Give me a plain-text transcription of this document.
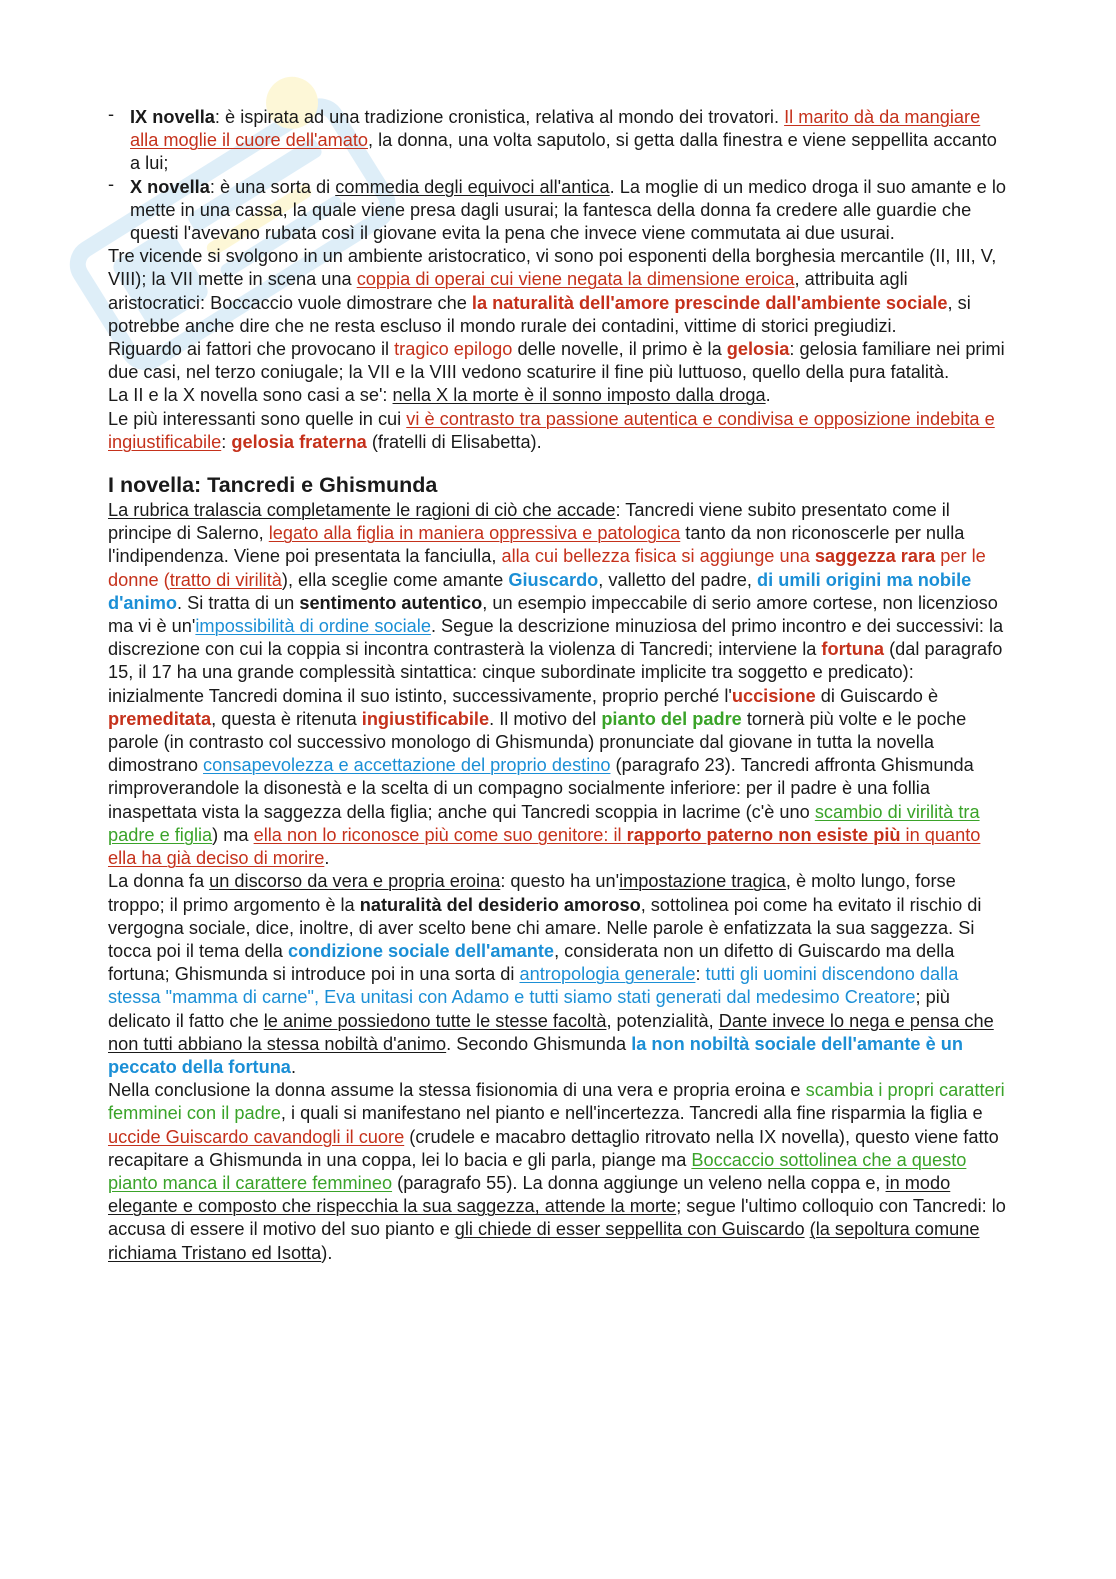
- IX novella: è ispirata ad una tradizione cronistica, relativa al mondo dei trovatori. Il marito dà da mangiare alla moglie il cuore dell'amato, la donna, una volta saputolo, si getta dalla finestra e viene seppellita accanto a lui;
- X novella: è una sorta di commedia degli equivoci all'antica. La moglie di un medico droga il suo amante e lo mette in una cassa, la quale viene presa dagli usurai; la fantesca della donna fa credere alle guardie che questi l'avevano rubata così il giovane evita la pena che invece viene commutata ai due usurai.

Tre vicende si svolgono in un ambiente aristocratico, vi sono poi esponenti della borghesia mercantile (II, III, V, VIII); la VII mette in scena una coppia di operai cui viene negata la dimensione eroica, attribuita agli aristocratici: Boccaccio vuole dimostrare che la naturalità dell'amore prescinde dall'ambiente sociale, si potrebbe anche dire che ne resta escluso il mondo rurale dei contadini, vittime di storici pregiudizi.

Riguardo ai fattori che provocano il tragico epilogo delle novelle, il primo è la gelosia: gelosia familiare nei primi due casi, nel terzo coniugale; la VII e la VIII vedono scaturire il fine più luttuoso, quello della pura fatalità.

La II e la X novella sono casi a se': nella X la morte è il sonno imposto dalla droga.

Le più interessanti sono quelle in cui vi è contrasto tra passione autentica e condivisa e opposizione indebita e ingiustificabile: gelosia fraterna (fratelli di Elisabetta).

I novella: Tancredi e Ghismunda

La rubrica tralascia completamente le ragioni di ciò che accade: Tancredi viene subito presentato come il principe di Salerno, legato alla figlia in maniera oppressiva e patologica tanto da non riconoscerle per nulla l'indipendenza. Viene poi presentata la fanciulla, alla cui bellezza fisica si aggiunge una saggezza rara per le donne (tratto di virilità), ella sceglie come amante Giuscardo, valletto del padre, di umili origini ma nobile d'animo. Si tratta di un sentimento autentico, un esempio impeccabile di serio amore cortese, non licenzioso ma vi è un'impossibilità di ordine sociale. Segue la descrizione minuziosa del primo incontro e dei successivi: la discrezione con cui la coppia si incontra contrasterà la violenza di Tancredi; interviene la fortuna (dal paragrafo 15, il 17 ha una grande complessità sintattica: cinque subordinate implicite tra soggetto e predicato): inizialmente Tancredi domina il suo istinto, successivamente, proprio perché l'uccisione di Guiscardo è premeditata, questa è ritenuta ingiustificabile. Il motivo del pianto del padre tornerà più volte e le poche parole (in contrasto col successivo monologo di Ghismunda) pronunciate dal giovane in tutta la novella dimostrano consapevolezza e accettazione del proprio destino (paragrafo 23). Tancredi affronta Ghismunda rimproverandole la disonestà e la scelta di un compagno socialmente inferiore: per il padre è una follia inaspettata vista la saggezza della figlia; anche qui Tancredi scoppia in lacrime (c'è uno scambio di virilità tra padre e figlia) ma ella non lo riconosce più come suo genitore: il rapporto paterno non esiste più in quanto ella ha già deciso di morire.

La donna fa un discorso da vera e propria eroina: questo ha un'impostazione tragica, è molto lungo, forse troppo; il primo argomento è la naturalità del desiderio amoroso, sottolinea poi come ha evitato il rischio di vergogna sociale, dice, inoltre, di aver scelto bene chi amare. Nelle parole è enfatizzata la sua saggezza. Si tocca poi il tema della condizione sociale dell'amante, considerata non un difetto di Guiscardo ma della fortuna; Ghismunda si introduce poi in una sorta di antropologia generale: tutti gli uomini discendono dalla stessa "mamma di carne", Eva unitasi con Adamo e tutti siamo stati generati dal medesimo Creatore; più delicato il fatto che le anime possiedono tutte le stesse facoltà, potenzialità, Dante invece lo nega e pensa che non tutti abbiano la stessa nobiltà d'animo. Secondo Ghismunda la non nobiltà sociale dell'amante è un peccato della fortuna.

Nella conclusione la donna assume la stessa fisionomia di una vera e propria eroina e scambia i propri caratteri femminei con il padre, i quali si manifestano nel pianto e nell'incertezza. Tancredi alla fine risparmia la figlia e uccide Guiscardo cavandogli il cuore (crudele e macabro dettaglio ritrovato nella IX novella), questo viene fatto recapitare a Ghismunda in una coppa, lei lo bacia e gli parla, piange ma Boccaccio sottolinea che a questo pianto manca il carattere femmineo (paragrafo 55). La donna aggiunge un veleno nella coppa e, in modo elegante e composto che rispecchia la sua saggezza, attende la morte; segue l'ultimo colloquio con Tancredi: lo accusa di essere il motivo del suo pianto e gli chiede di esser seppellita con Guiscardo (la sepoltura comune richiama Tristano ed Isotta).
